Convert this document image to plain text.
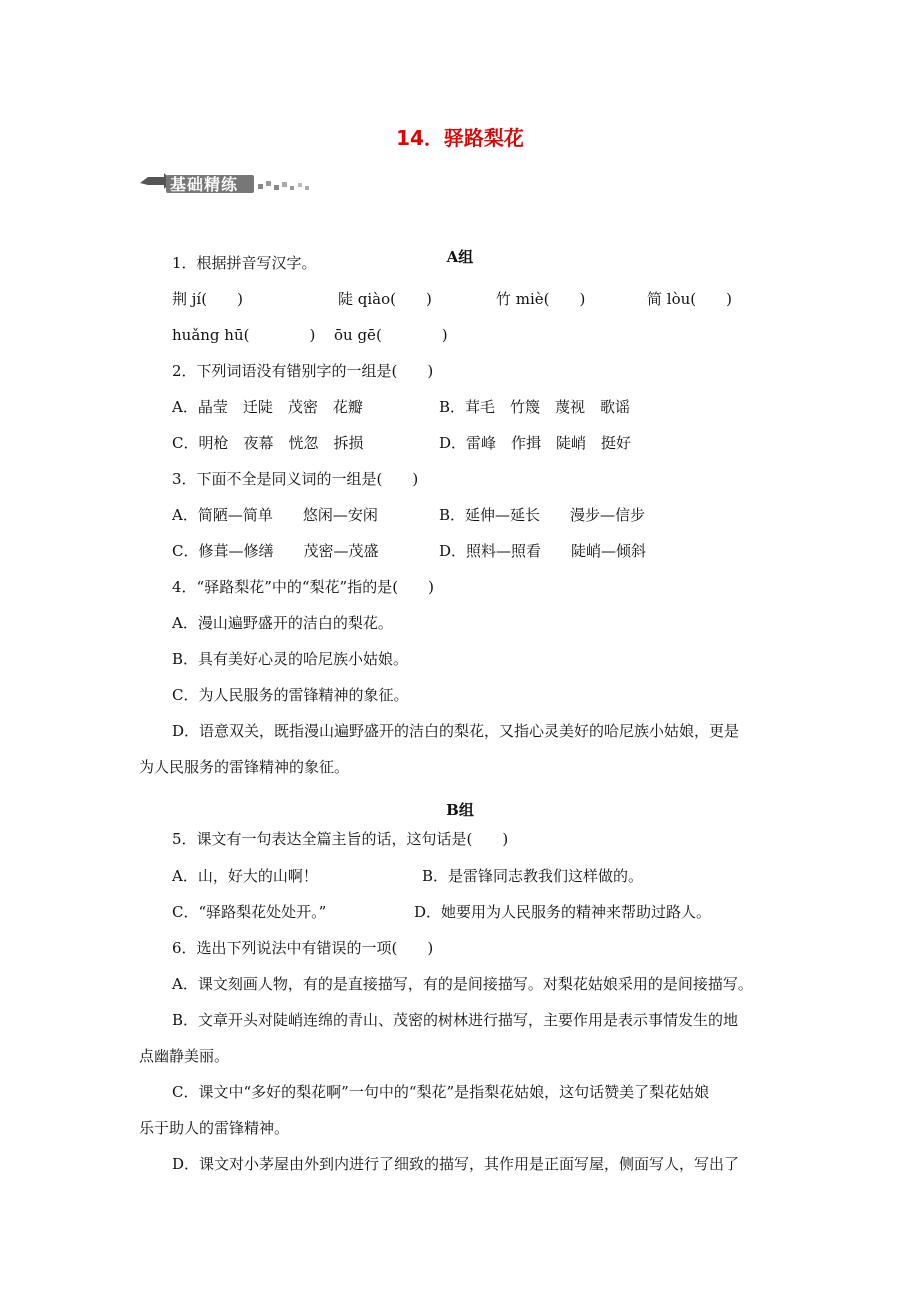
14．驿路梨花
基础精练
A组
1．根据拼音写汉字。
荆 jí(　　)	陡 qiào(　　)	竹 miè(　　)	简 lòu(　　)
huǎng hū(　　　　) ōu gē(　　　　)
2．下列词语没有错别字的一组是(　　)
A．晶莹　迁陡　茂密　花瓣	B．茸毛　竹篾　蔑视　歌谣
C．明枪　夜幕　恍忽　拆损	D．雷峰　作揖　陡峭　挺好
3．下面不全是同义词的一组是(　　)
A．简陋—简单　　悠闲—安闲	B．延伸—延长　　漫步—信步
C．修葺—修缮　　茂密—茂盛	D．照料—照看　　陡峭—倾斜
4．“驿路梨花”中的“梨花”指的是(　　)
A．漫山遍野盛开的洁白的梨花。
B．具有美好心灵的哈尼族小姑娘。
C．为人民服务的雷锋精神的象征。
D．语意双关，既指漫山遍野盛开的洁白的梨花，又指心灵美好的哈尼族小姑娘，更是
为人民服务的雷锋精神的象征。
B组
5．课文有一句表达全篇主旨的话，这句话是(　　)
A．山，好大的山啊！	B．是雷锋同志教我们这样做的。
C．“驿路梨花处处开。”	D．她要用为人民服务的精神来帮助过路人。
6．选出下列说法中有错误的一项(　　)
A．课文刻画人物，有的是直接描写，有的是间接描写。对梨花姑娘采用的是间接描写。
B．文章开头对陡峭连绵的青山、茂密的树林进行描写，主要作用是表示事情发生的地
点幽静美丽。
C．课文中“多好的梨花啊”一句中的“梨花”是指梨花姑娘，这句话赞美了梨花姑娘
乐于助人的雷锋精神。
D．课文对小茅屋由外到内进行了细致的描写，其作用是正面写屋，侧面写人，写出了
